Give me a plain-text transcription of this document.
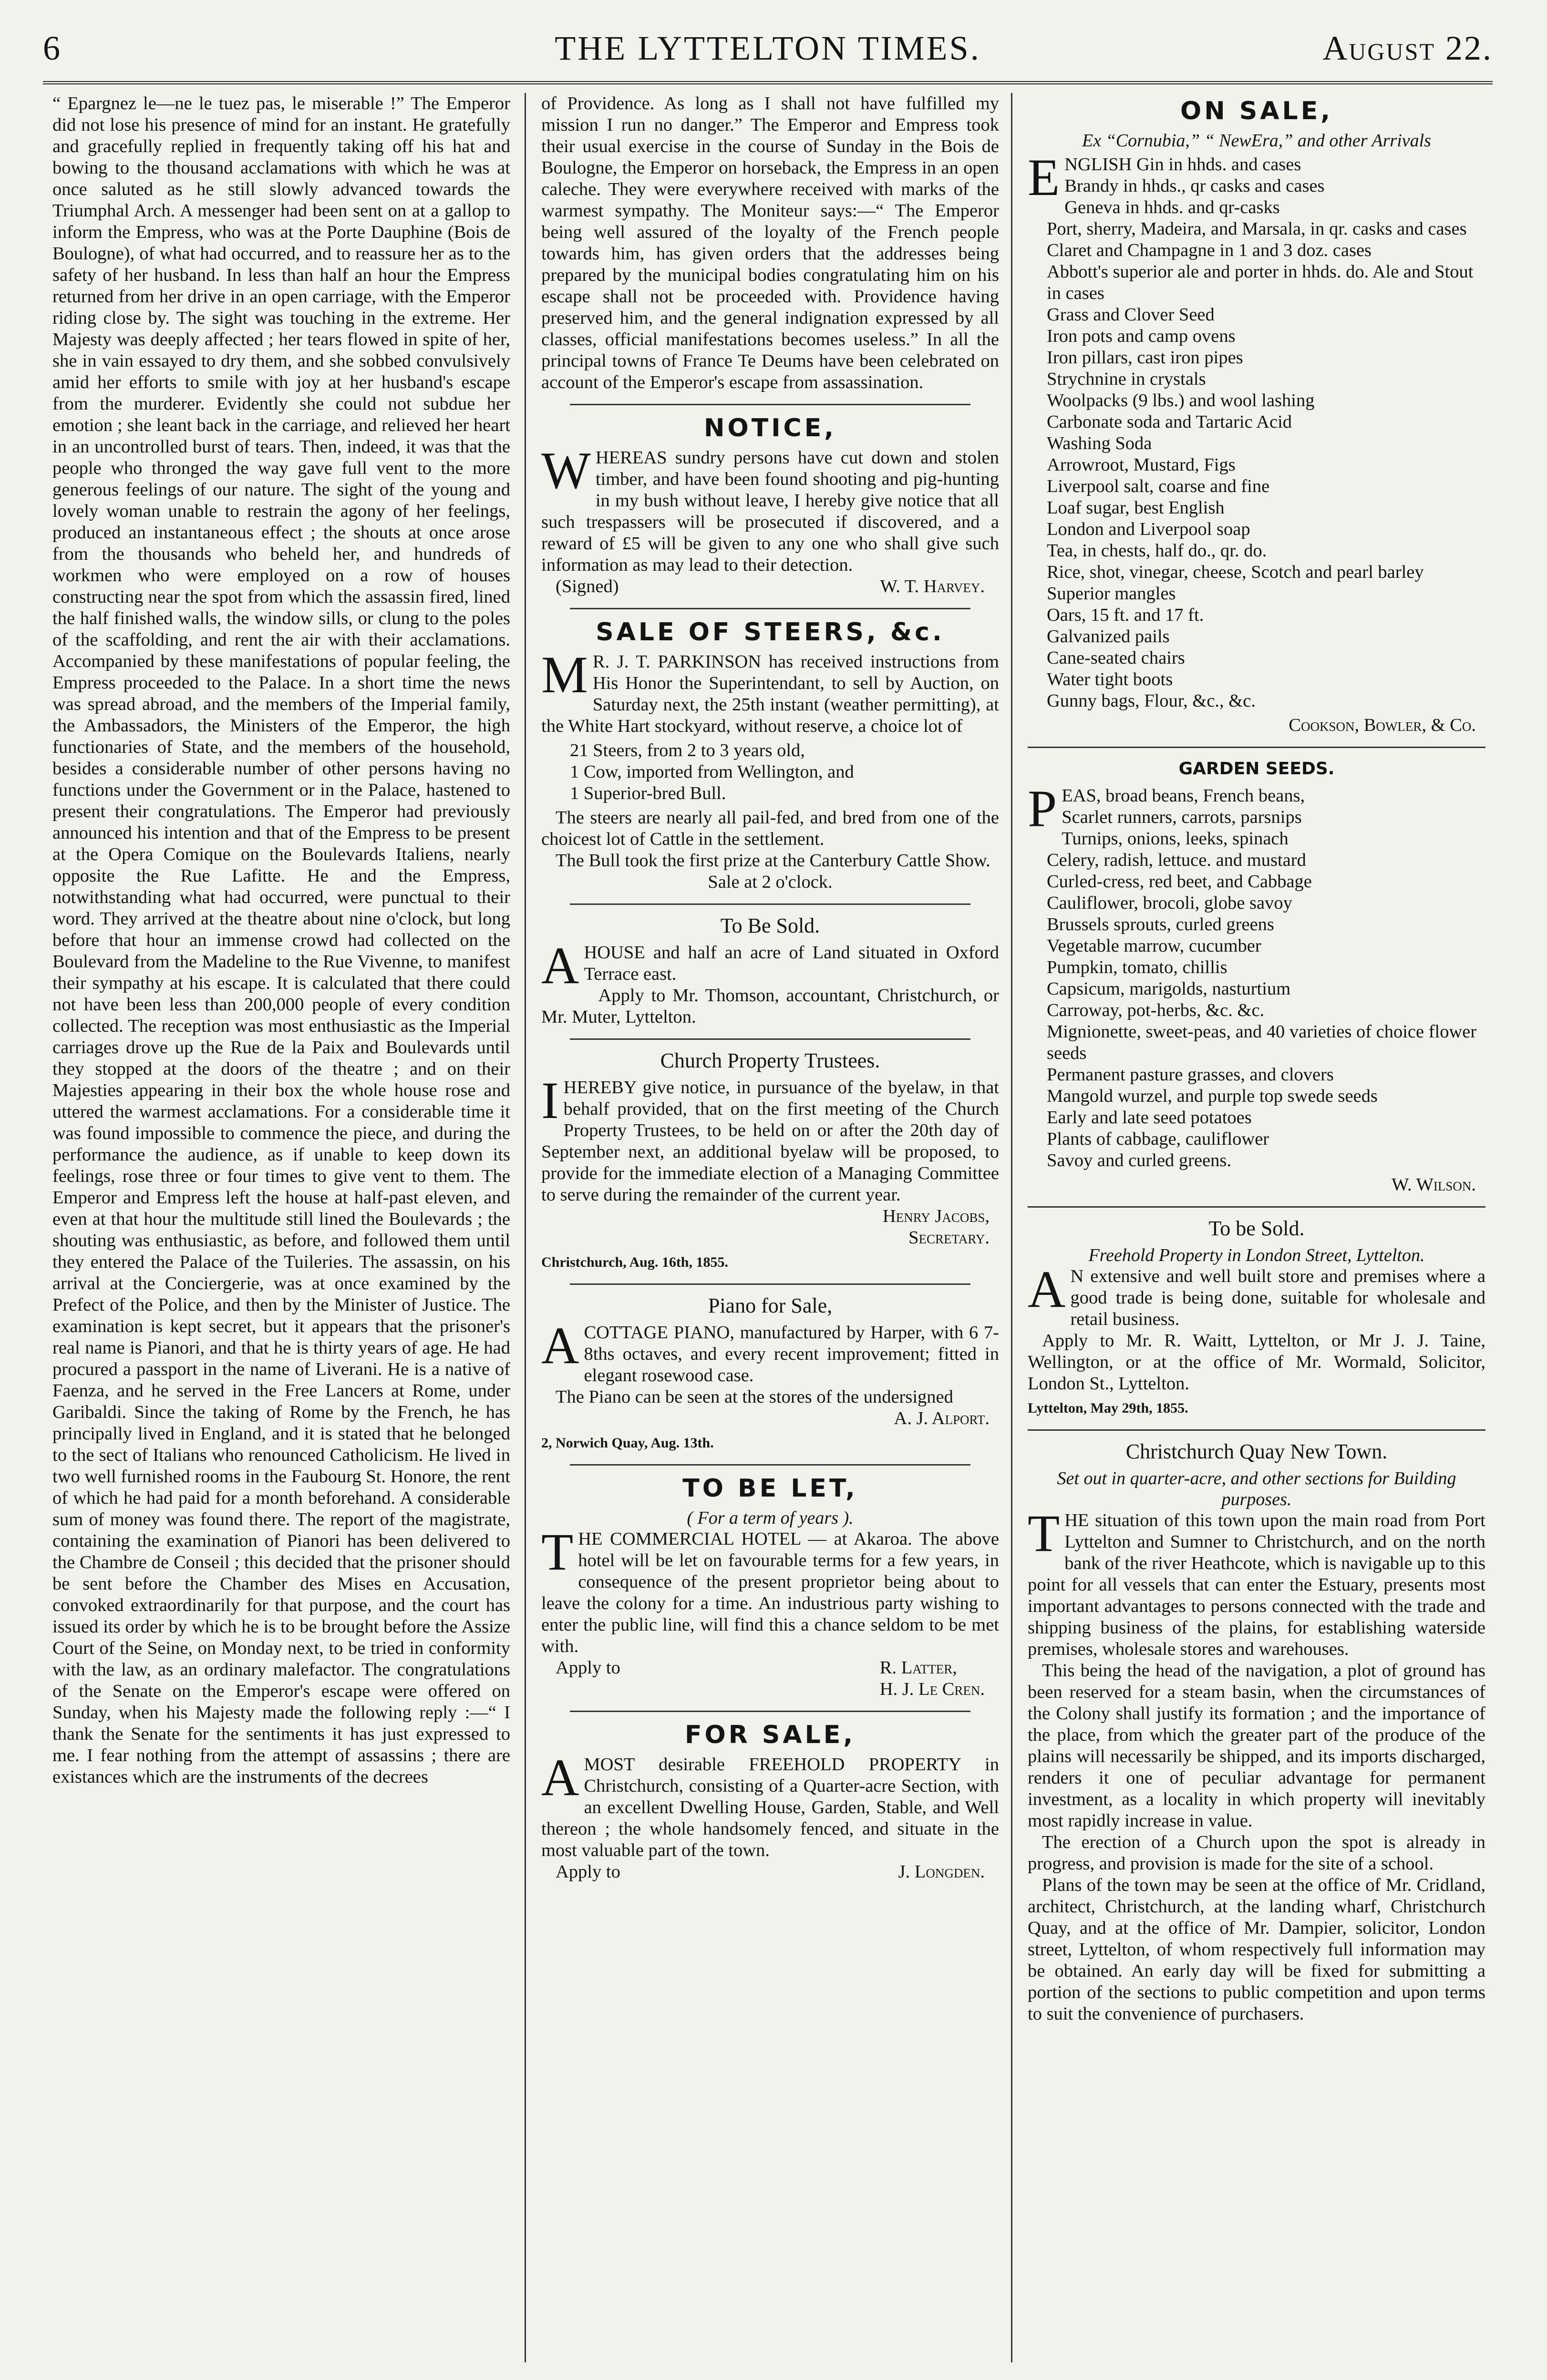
6	THE LYTTELTON TIMES.	August 22.

“ Epargnez le—ne le tuez pas, le miserable !” The Emperor did not lose his presence of mind for an instant. He gratefully and gracefully replied in frequently taking off his hat and bowing to the thousand acclamations with which he was at once saluted as he still slowly advanced towards the Triumphal Arch. A messenger had been sent on at a gallop to inform the Empress, who was at the Porte Dauphine (Bois de Boulogne), of what had occurred, and to reassure her as to the safety of her husband. In less than half an hour the Empress returned from her drive in an open carriage, with the Emperor riding close by. The sight was touching in the extreme. Her Majesty was deeply affected ; her tears flowed in spite of her, she in vain essayed to dry them, and she sobbed convulsively amid her efforts to smile with joy at her husband's escape from the murderer. Evidently she could not subdue her emotion ; she leant back in the carriage, and relieved her heart in an uncontrolled burst of tears. Then, indeed, it was that the people who thronged the way gave full vent to the more generous feelings of our nature. The sight of the young and lovely woman unable to restrain the agony of her feelings, produced an instantaneous effect ; the shouts at once arose from the thousands who beheld her, and hundreds of workmen who were employed on a row of houses constructing near the spot from which the assassin fired, lined the half finished walls, the window sills, or clung to the poles of the scaffolding, and rent the air with their acclamations. Accompanied by these manifestations of popular feeling, the Empress proceeded to the Palace. In a short time the news was spread abroad, and the members of the Imperial family, the Ambassadors, the Ministers of the Emperor, the high functionaries of State, and the members of the household, besides a considerable number of other persons having no functions under the Government or in the Palace, hastened to present their congratulations. The Emperor had previously announced his intention and that of the Empress to be present at the Opera Comique on the Boulevards Italiens, nearly opposite the Rue Lafitte. He and the Empress, notwithstanding what had occurred, were punctual to their word. They arrived at the theatre about nine o'clock, but long before that hour an immense crowd had collected on the Boulevard from the Madeline to the Rue Vivenne, to manifest their sympathy at his escape. It is calculated that there could not have been less than 200,000 people of every condition collected. The reception was most enthusiastic as the Imperial carriages drove up the Rue de la Paix and Boulevards until they stopped at the doors of the theatre ; and on their Majesties appearing in their box the whole house rose and uttered the warmest acclamations. For a considerable time it was found impossible to commence the piece, and during the performance the audience, as if unable to keep down its feelings, rose three or four times to give vent to them. The Emperor and Empress left the house at half-past eleven, and even at that hour the multitude still lined the Boulevards ; the shouting was enthusiastic, as before, and followed them until they entered the Palace of the Tuileries. The assassin, on his arrival at the Conciergerie, was at once examined by the Prefect of the Police, and then by the Minister of Justice. The examination is kept secret, but it appears that the prisoner's real name is Pianori, and that he is thirty years of age. He had procured a passport in the name of Liverani. He is a native of Faenza, and he served in the Free Lancers at Rome, under Garibaldi. Since the taking of Rome by the French, he has principally lived in England, and it is stated that he belonged to the sect of Italians who renounced Catholicism. He lived in two well furnished rooms in the Faubourg St. Honore, the rent of which he had paid for a month beforehand. A considerable sum of money was found there. The report of the magistrate, containing the examination of Pianori has been delivered to the Chambre de Conseil ; this decided that the prisoner should be sent before the Chamber des Mises en Accusation, convoked extraordinarily for that purpose, and the court has issued its order by which he is to be brought before the Assize Court of the Seine, on Monday next, to be tried in conformity with the law, as an ordinary malefactor. The congratulations of the Senate on the Emperor's escape were offered on Sunday, when his Majesty made the following reply :—“ I thank the Senate for the sentiments it has just expressed to me. I fear nothing from the attempt of assassins ; there are existances which are the instruments of the decrees

of Providence. As long as I shall not have fulfilled my mission I run no danger.” The Emperor and Empress took their usual exercise in the course of Sunday in the Bois de Boulogne, the Emperor on horseback, the Empress in an open caleche. They were everywhere received with marks of the warmest sympathy. The Moniteur says:—“ The Emperor being well assured of the loyalty of the French people towards him, has given orders that the addresses being prepared by the municipal bodies congratulating him on his escape shall not be proceeded with. Providence having preserved him, and the general indignation expressed by all classes, official manifestations becomes useless.” In all the principal towns of France Te Deums have been celebrated on account of the Emperor's escape from assassination.

NOTICE,

WHEREAS sundry persons have cut down and stolen timber, and have been found shooting and pig-hunting in my bush without leave, I hereby give notice that all such trespassers will be prosecuted if discovered, and a reward of £5 will be given to any one who shall give such information as may lead to their detection.

(Signed)	W. T. Harvey.
SALE OF STEERS, &c.

M R. J. T. PARKINSON has received instructions from His Honor the Superintendant, to sell by Auction, on Saturday next, the 25th instant (weather permitting), at the White Hart stockyard, without reserve, a choice lot of

21 Steers, from 2 to 3 years old,
1 Cow, imported from Wellington, and
1 Superior-bred Bull.

The steers are nearly all pail-fed, and bred from one of the choicest lot of Cattle in the settlement.

The Bull took the first prize at the Canterbury Cattle Show.

Sale at 2 o'clock.
To Be Sold.

AHOUSE and half an acre of Land situated in Oxford Terrace east.

Apply to Mr. Thomson, accountant, Christchurch, or Mr. Muter, Lyttelton.

Church Property Trustees.

IHEREBY give notice, in pursuance of the byelaw, in that behalf provided, that on the first meeting of the Church Property Trustees, to be held on or after the 20th day of September next, an additional byelaw will be proposed, to provide for the immediate election of a Managing Committee to serve during the remainder of the current year.

Henry Jacobs,
Secretary.
Christchurch, Aug. 16th, 1855.
Piano for Sale,

ACOTTAGE PIANO, manufactured by Harper, with 6 7-8ths octaves, and every recent improvement; fitted in elegant rosewood case.

The Piano can be seen at the stores of the undersigned

A. J. Alport.
2, Norwich Quay, Aug. 13th.
TO BE LET,
( For a term of years ).

THE COMMERCIAL HOTEL — at Akaroa. The above hotel will be let on favourable terms for a few years, in consequence of the present proprietor being about to leave the colony for a time. An industrious party wishing to enter the public line, will find this a chance seldom to be met with.

Apply to	R. Latter,
H. J. Le Cren.
FOR SALE,

AMOST desirable FREEHOLD PROPERTY in Christchurch, consisting of a Quarter-acre Section, with an excellent Dwelling House, Garden, Stable, and Well thereon ; the whole handsomely fenced, and situate in the most valuable part of the town.

Apply to	J. Longden.
ON SALE,
Ex “Cornubia,” “ NewEra,” and other Arrivals
ENGLISH Gin in hhds. and cases
Brandy in hhds., qr casks and cases
Geneva in hhds. and qr-casks
Port, sherry, Madeira, and Marsala, in qr. casks and cases
Claret and Champagne in 1 and 3 doz. cases
Abbott's superior ale and porter in hhds. do. Ale and Stout in cases
Grass and Clover Seed
Iron pots and camp ovens
Iron pillars, cast iron pipes
Strychnine in crystals
Woolpacks (9 lbs.) and wool lashing
Carbonate soda and Tartaric Acid
Washing Soda
Arrowroot, Mustard, Figs
Liverpool salt, coarse and fine
Loaf sugar, best English
London and Liverpool soap
Tea, in chests, half do., qr. do.
Rice, shot, vinegar, cheese, Scotch and pearl barley
Superior mangles
Oars, 15 ft. and 17 ft.
Galvanized pails
Cane-seated chairs
Water tight boots
Gunny bags, Flour, &c., &c.
Cookson, Bowler, & Co.
GARDEN SEEDS.
PEAS, broad beans, French beans,
Scarlet runners, carrots, parsnips
Turnips, onions, leeks, spinach
Celery, radish, lettuce. and mustard
Curled-cress, red beet, and Cabbage
Cauliflower, brocoli, globe savoy
Brussels sprouts, curled greens
Vegetable marrow, cucumber
Pumpkin, tomato, chillis
Capsicum, marigolds, nasturtium
Carroway, pot-herbs, &c. &c.
Mignionette, sweet-peas, and 40 varieties of choice flower seeds
Permanent pasture grasses, and clovers
Mangold wurzel, and purple top swede seeds
Early and late seed potatoes
Plants of cabbage, cauliflower
Savoy and curled greens.
W. Wilson.
To be Sold.
Freehold Property in London Street, Lyttelton.

A N extensive and well built store and premises where a good trade is being done, suitable for wholesale and retail business.

Apply to Mr. R. Waitt, Lyttelton, or Mr J. J. Taine, Wellington, or at the office of Mr. Wormald, Solicitor, London St., Lyttelton.

Lyttelton, May 29th, 1855.
Christchurch Quay New Town.
Set out in quarter-acre, and other sections for Building purposes.

THE situation of this town upon the main road from Port Lyttelton and Sumner to Christchurch, and on the north bank of the river Heathcote, which is navigable up to this point for all vessels that can enter the Estuary, presents most important advantages to persons connected with the trade and shipping business of the plains, for establishing waterside premises, wholesale stores and warehouses.

This being the head of the navigation, a plot of ground has been reserved for a steam basin, when the circumstances of the Colony shall justify its formation ; and the importance of the place, from which the greater part of the produce of the plains will necessarily be shipped, and its imports discharged, renders it one of peculiar advantage for permanent investment, as a locality in which property will inevitably most rapidly increase in value.

The erection of a Church upon the spot is already in progress, and provision is made for the site of a school.

Plans of the town may be seen at the office of Mr. Cridland, architect, Christchurch, at the landing wharf, Christchurch Quay, and at the office of Mr. Dampier, solicitor, London street, Lyttelton, of whom respectively full information may be obtained. An early day will be fixed for submitting a portion of the sections to public competition and upon terms to suit the convenience of purchasers.
